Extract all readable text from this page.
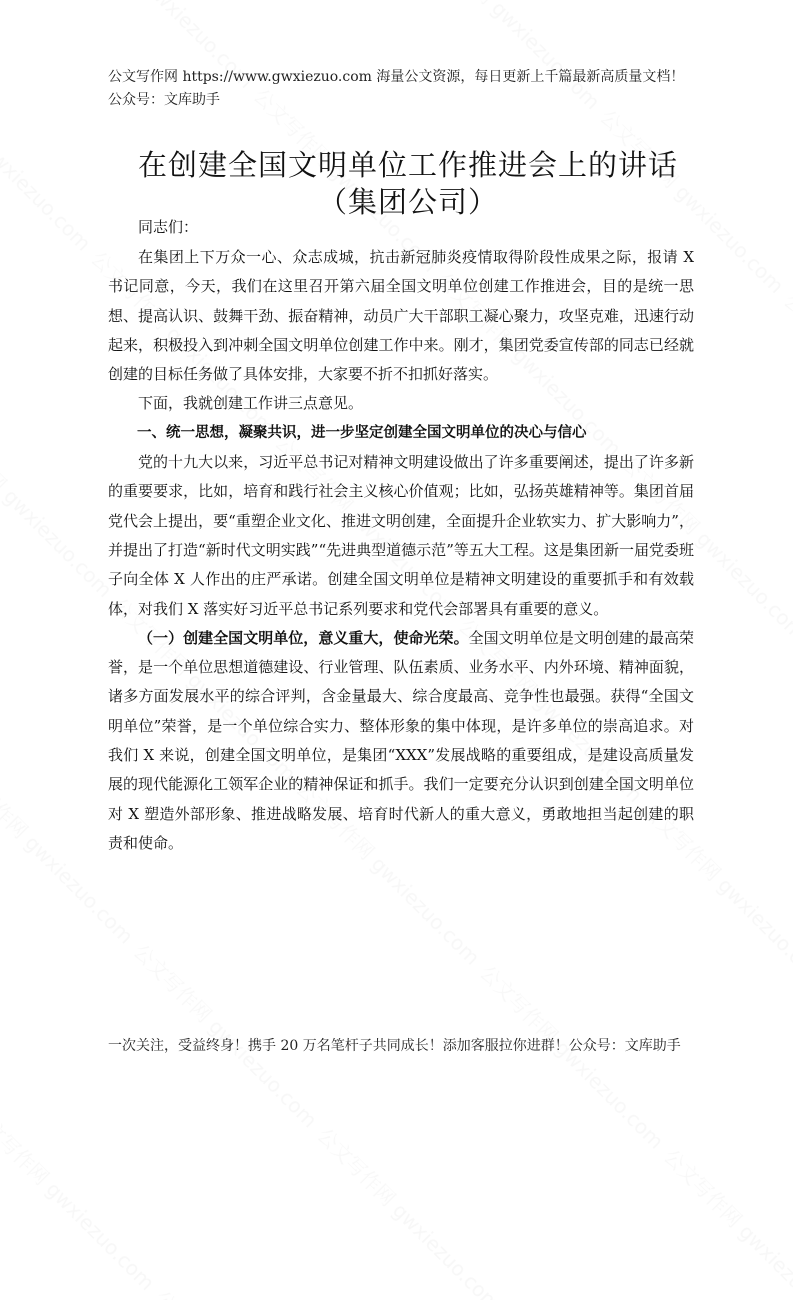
公文写作网 https://www.gwxiezuo.com 海量公文资源，每日更新上千篇最新高质量文档！ 公众号：文库助手
在创建全国文明单位工作推进会上的讲话
（集团公司）
同志们：

在集团上下万众一心、众志成城，抗击新冠肺炎疫情取得阶段性成果之际，报请 X 书记同意，今天，我们在这里召开第六届全国文明单位创建工作推进会，目的是统一思想、提高认识、鼓舞干劲、振奋精神，动员广大干部职工凝心聚力，攻坚克难，迅速行动起来，积极投入到冲刺全国文明单位创建工作中来。刚才，集团党委宣传部的同志已经就创建的目标任务做了具体安排，大家要不折不扣抓好落实。

下面，我就创建工作讲三点意见。

一、统一思想，凝聚共识，进一步坚定创建全国文明单位的决心与信心

党的十九大以来，习近平总书记对精神文明建设做出了许多重要阐述，提出了许多新的重要要求，比如，培育和践行社会主义核心价值观；比如，弘扬英雄精神等。集团首届党代会上提出，要“重塑企业文化、推进文明创建，全面提升企业软实力、扩大影响力”，并提出了打造“新时代文明实践”“先进典型道德示范”等五大工程。这是集团新一届党委班子向全体 X 人作出的庄严承诺。创建全国文明单位是精神文明建设的重要抓手和有效载体，对我们 X 落实好习近平总书记系列要求和党代会部署具有重要的意义。

（一）创建全国文明单位，意义重大，使命光荣。全国文明单位是文明创建的最高荣誉，是一个单位思想道德建设、行业管理、队伍素质、业务水平、内外环境、精神面貌，诸多方面发展水平的综合评判，含金量最大、综合度最高、竞争性也最强。获得“全国文明单位”荣誉，是一个单位综合实力、整体形象的集中体现，是许多单位的崇高追求。对我们 X 来说，创建全国文明单位，是集团“XXX”发展战略的重要组成，是建设高质量发展的现代能源化工领军企业的精神保证和抓手。我们一定要充分认识到创建全国文明单位对 X 塑造外部形象、推进战略发展、培育时代新人的重大意义，勇敢地担当起创建的职责和使命。

一次关注，受益终身！携手 20 万名笔杆子共同成长！添加客服拉你进群！公众号：文库助手
